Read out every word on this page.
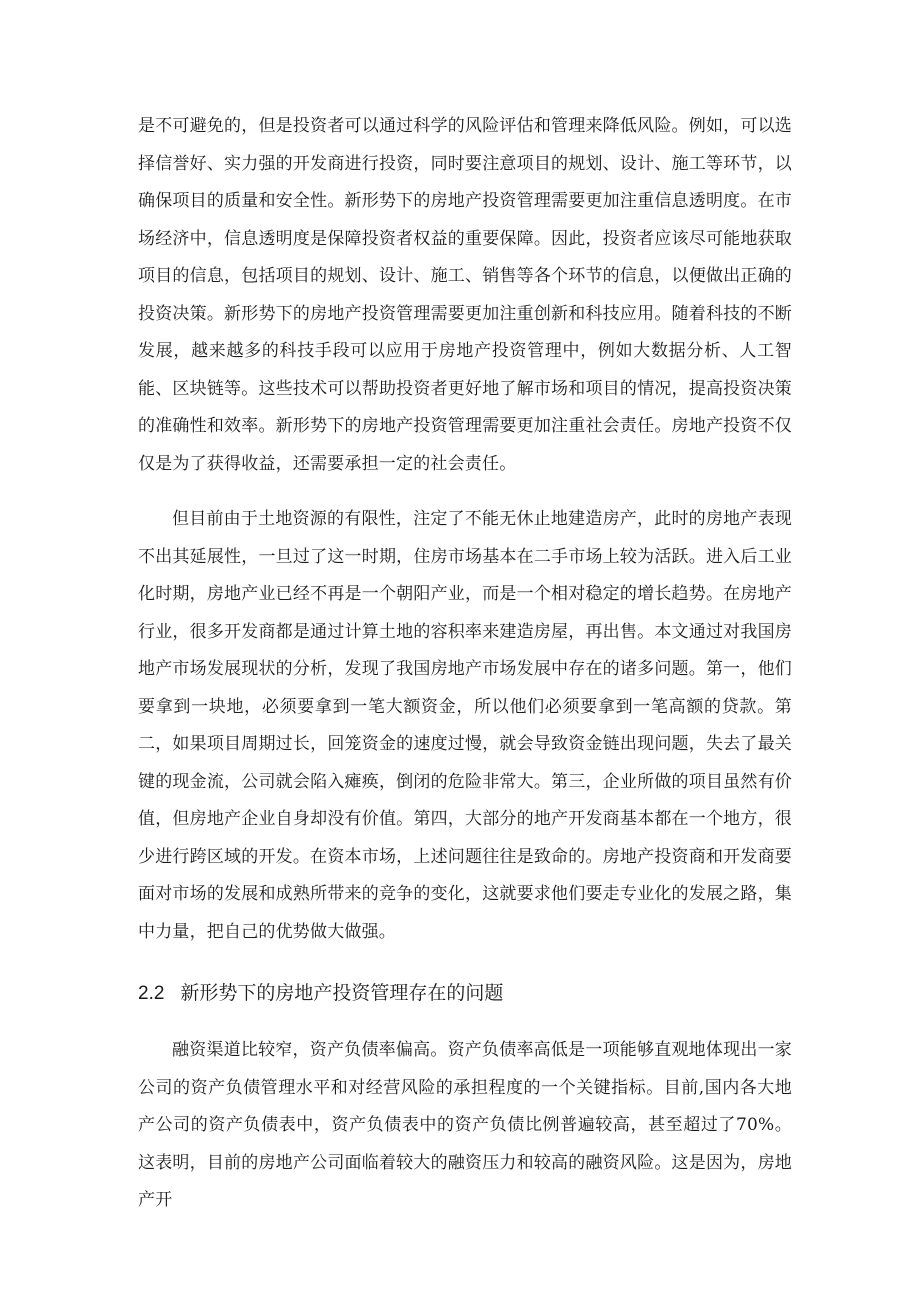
是不可避免的，但是投资者可以通过科学的风险评估和管理来降低风险。例如，可以选择信誉好、实力强的开发商进行投资，同时要注意项目的规划、设计、施工等环节，以确保项目的质量和安全性。新形势下的房地产投资管理需要更加注重信息透明度。在市场经济中，信息透明度是保障投资者权益的重要保障。因此，投资者应该尽可能地获取项目的信息，包括项目的规划、设计、施工、销售等各个环节的信息，以便做出正确的投资决策。新形势下的房地产投资管理需要更加注重创新和科技应用。随着科技的不断发展，越来越多的科技手段可以应用于房地产投资管理中，例如大数据分析、人工智能、区块链等。这些技术可以帮助投资者更好地了解市场和项目的情况，提高投资决策的准确性和效率。新形势下的房地产投资管理需要更加注重社会责任。房地产投资不仅仅是为了获得收益，还需要承担一定的社会责任。

但目前由于土地资源的有限性，注定了不能无休止地建造房产，此时的房地产表现不出其延展性，一旦过了这一时期，住房市场基本在二手市场上较为活跃。进入后工业化时期，房地产业已经不再是一个朝阳产业，而是一个相对稳定的增长趋势。在房地产行业，很多开发商都是通过计算土地的容积率来建造房屋，再出售。本文通过对我国房地产市场发展现状的分析，发现了我国房地产市场发展中存在的诸多问题。第一，他们要拿到一块地，必须要拿到一笔大额资金，所以他们必须要拿到一笔高额的贷款。第二，如果项目周期过长，回笼资金的速度过慢，就会导致资金链出现问题，失去了最关键的现金流，公司就会陷入瘫痪，倒闭的危险非常大。第三，企业所做的项目虽然有价值，但房地产企业自身却没有价值。第四，大部分的地产开发商基本都在一个地方，很少进行跨区域的开发。在资本市场，上述问题往往是致命的。房地产投资商和开发商要面对市场的发展和成熟所带来的竞争的变化，这就要求他们要走专业化的发展之路，集中力量，把自己的优势做大做强。

2.2 新形势下的房地产投资管理存在的问题

融资渠道比较窄，资产负债率偏高。资产负债率高低是一项能够直观地体现出一家公司的资产负债管理水平和对经营风险的承担程度的一个关键指标。目前,国内各大地产公司的资产负债表中，资产负债表中的资产负债比例普遍较高，甚至超过了70%。这表明，目前的房地产公司面临着较大的融资压力和较高的融资风险。这是因为，房地产开
